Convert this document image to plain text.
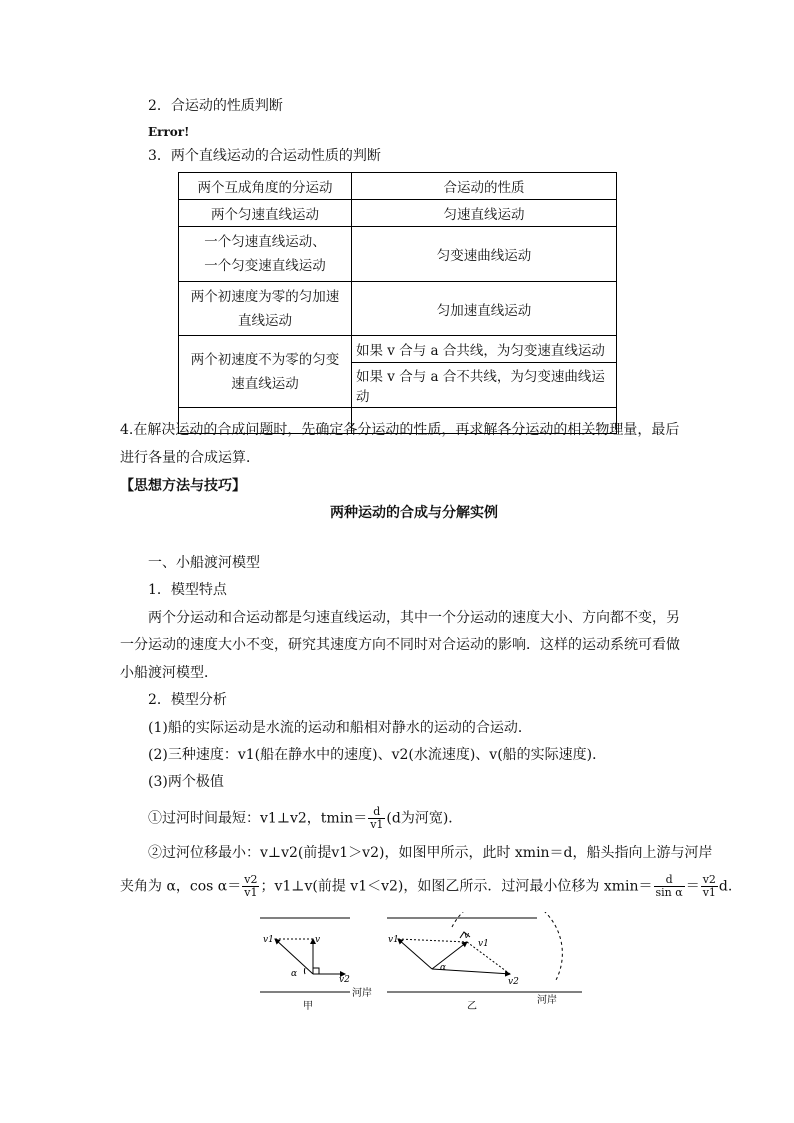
2．合运动的性质判断
Error!
3．两个直线运动的合运动性质的判断
两个互成角度的分运动	合运动的性质
两个匀速直线运动	匀速直线运动

一个匀速直线运动、
一个匀变速直线运动	匀变速曲线运动

两个初速度为零的匀加速
直线运动	匀加速直线运动

两个初速度不为零的匀变
速直线运动	如果 v 合与 a 合共线，为匀变速直线运动
	如果 v 合与 a 合不共线，为匀变速曲线运动

4.在解决运动的合成问题时，先确定各分运动的性质，再求解各分运动的相关物理量，最后
进行各量的合成运算．
【思想方法与技巧】
两种运动的合成与分解实例
一、小船渡河模型
1．模型特点
两个分运动和合运动都是匀速直线运动，其中一个分运动的速度大小、方向都不变，另
一分运动的速度大小不变，研究其速度方向不同时对合运动的影响．这样的运动系统可看做
小船渡河模型．
2．模型分析
(1)船的实际运动是水流的运动和船相对静水的运动的合运动．
(2)三种速度：v1(船在静水中的速度)、v2(水流速度)、v(船的实际速度)．
(3)两个极值
①过河时间最短：v1⊥v2，$tmin= \frac{d}{v1} (d$为河宽)．
②过河位移最小：v⊥v2(前提v1＞v2)，如图甲所示，此时 xmin＝d，船头指向上游与河岸
夹角为 α，$\cos \alpha= \frac{v2}{v1}$ ；v1⊥v(前提 v1＜v2)，如图乙所示．过河最小位移为 $xmin= \frac{d}{\text{sin α}} = \frac{v2}{v1} d$.
v1	v
v2
α
河岸
甲
v1	v
v1
v2
α
河岸
乙
